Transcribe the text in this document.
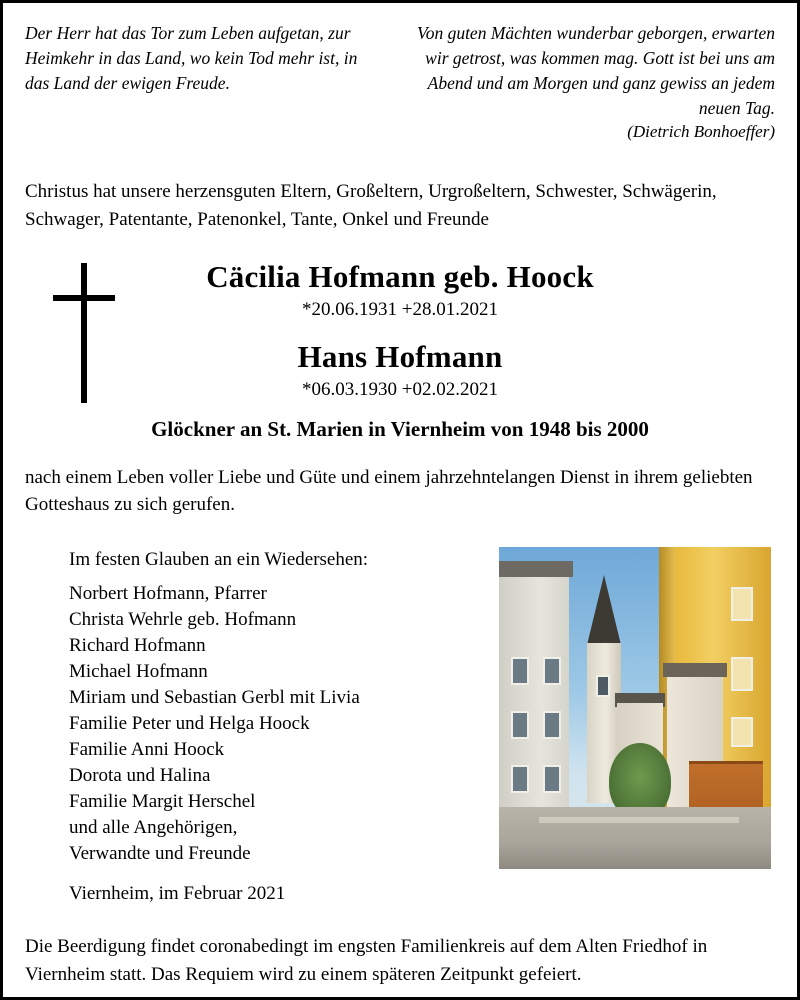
Der Herr hat das Tor zum Leben aufgetan, zur Heimkehr in das Land, wo kein Tod mehr ist, in das Land der ewigen Freude.
Von guten Mächten wunderbar geborgen, erwarten wir getrost, was kommen mag. Gott ist bei uns am Abend und am Morgen und ganz gewiss an jedem neuen Tag.
(Dietrich Bonhoeffer)
Christus hat unsere herzensguten Eltern, Großeltern, Urgroßeltern, Schwester, Schwägerin, Schwager, Patentante, Patenonkel, Tante, Onkel und Freunde
Cäcilia Hofmann geb. Hoock
*20.06.1931 +28.01.2021
Hans Hofmann
*06.03.1930 +02.02.2021
Glöckner an St. Marien in Viernheim von 1948 bis 2000
nach einem Leben voller Liebe und Güte und einem jahrzehntelangen Dienst in ihrem geliebten Gotteshaus zu sich gerufen.
Im festen Glauben an ein Wiedersehen:
Norbert Hofmann, Pfarrer
Christa Wehrle geb. Hofmann
Richard Hofmann
Michael Hofmann
Miriam und Sebastian Gerbl mit Livia
Familie Peter und Helga Hoock
Familie Anni Hoock
Dorota und Halina
Familie Margit Herschel
und alle Angehörigen,
Verwandte und Freunde
Viernheim, im Februar 2021
Die Beerdigung findet coronabedingt im engsten Familienkreis auf dem Alten Friedhof in Viernheim statt. Das Requiem wird zu einem späteren Zeitpunkt gefeiert.
